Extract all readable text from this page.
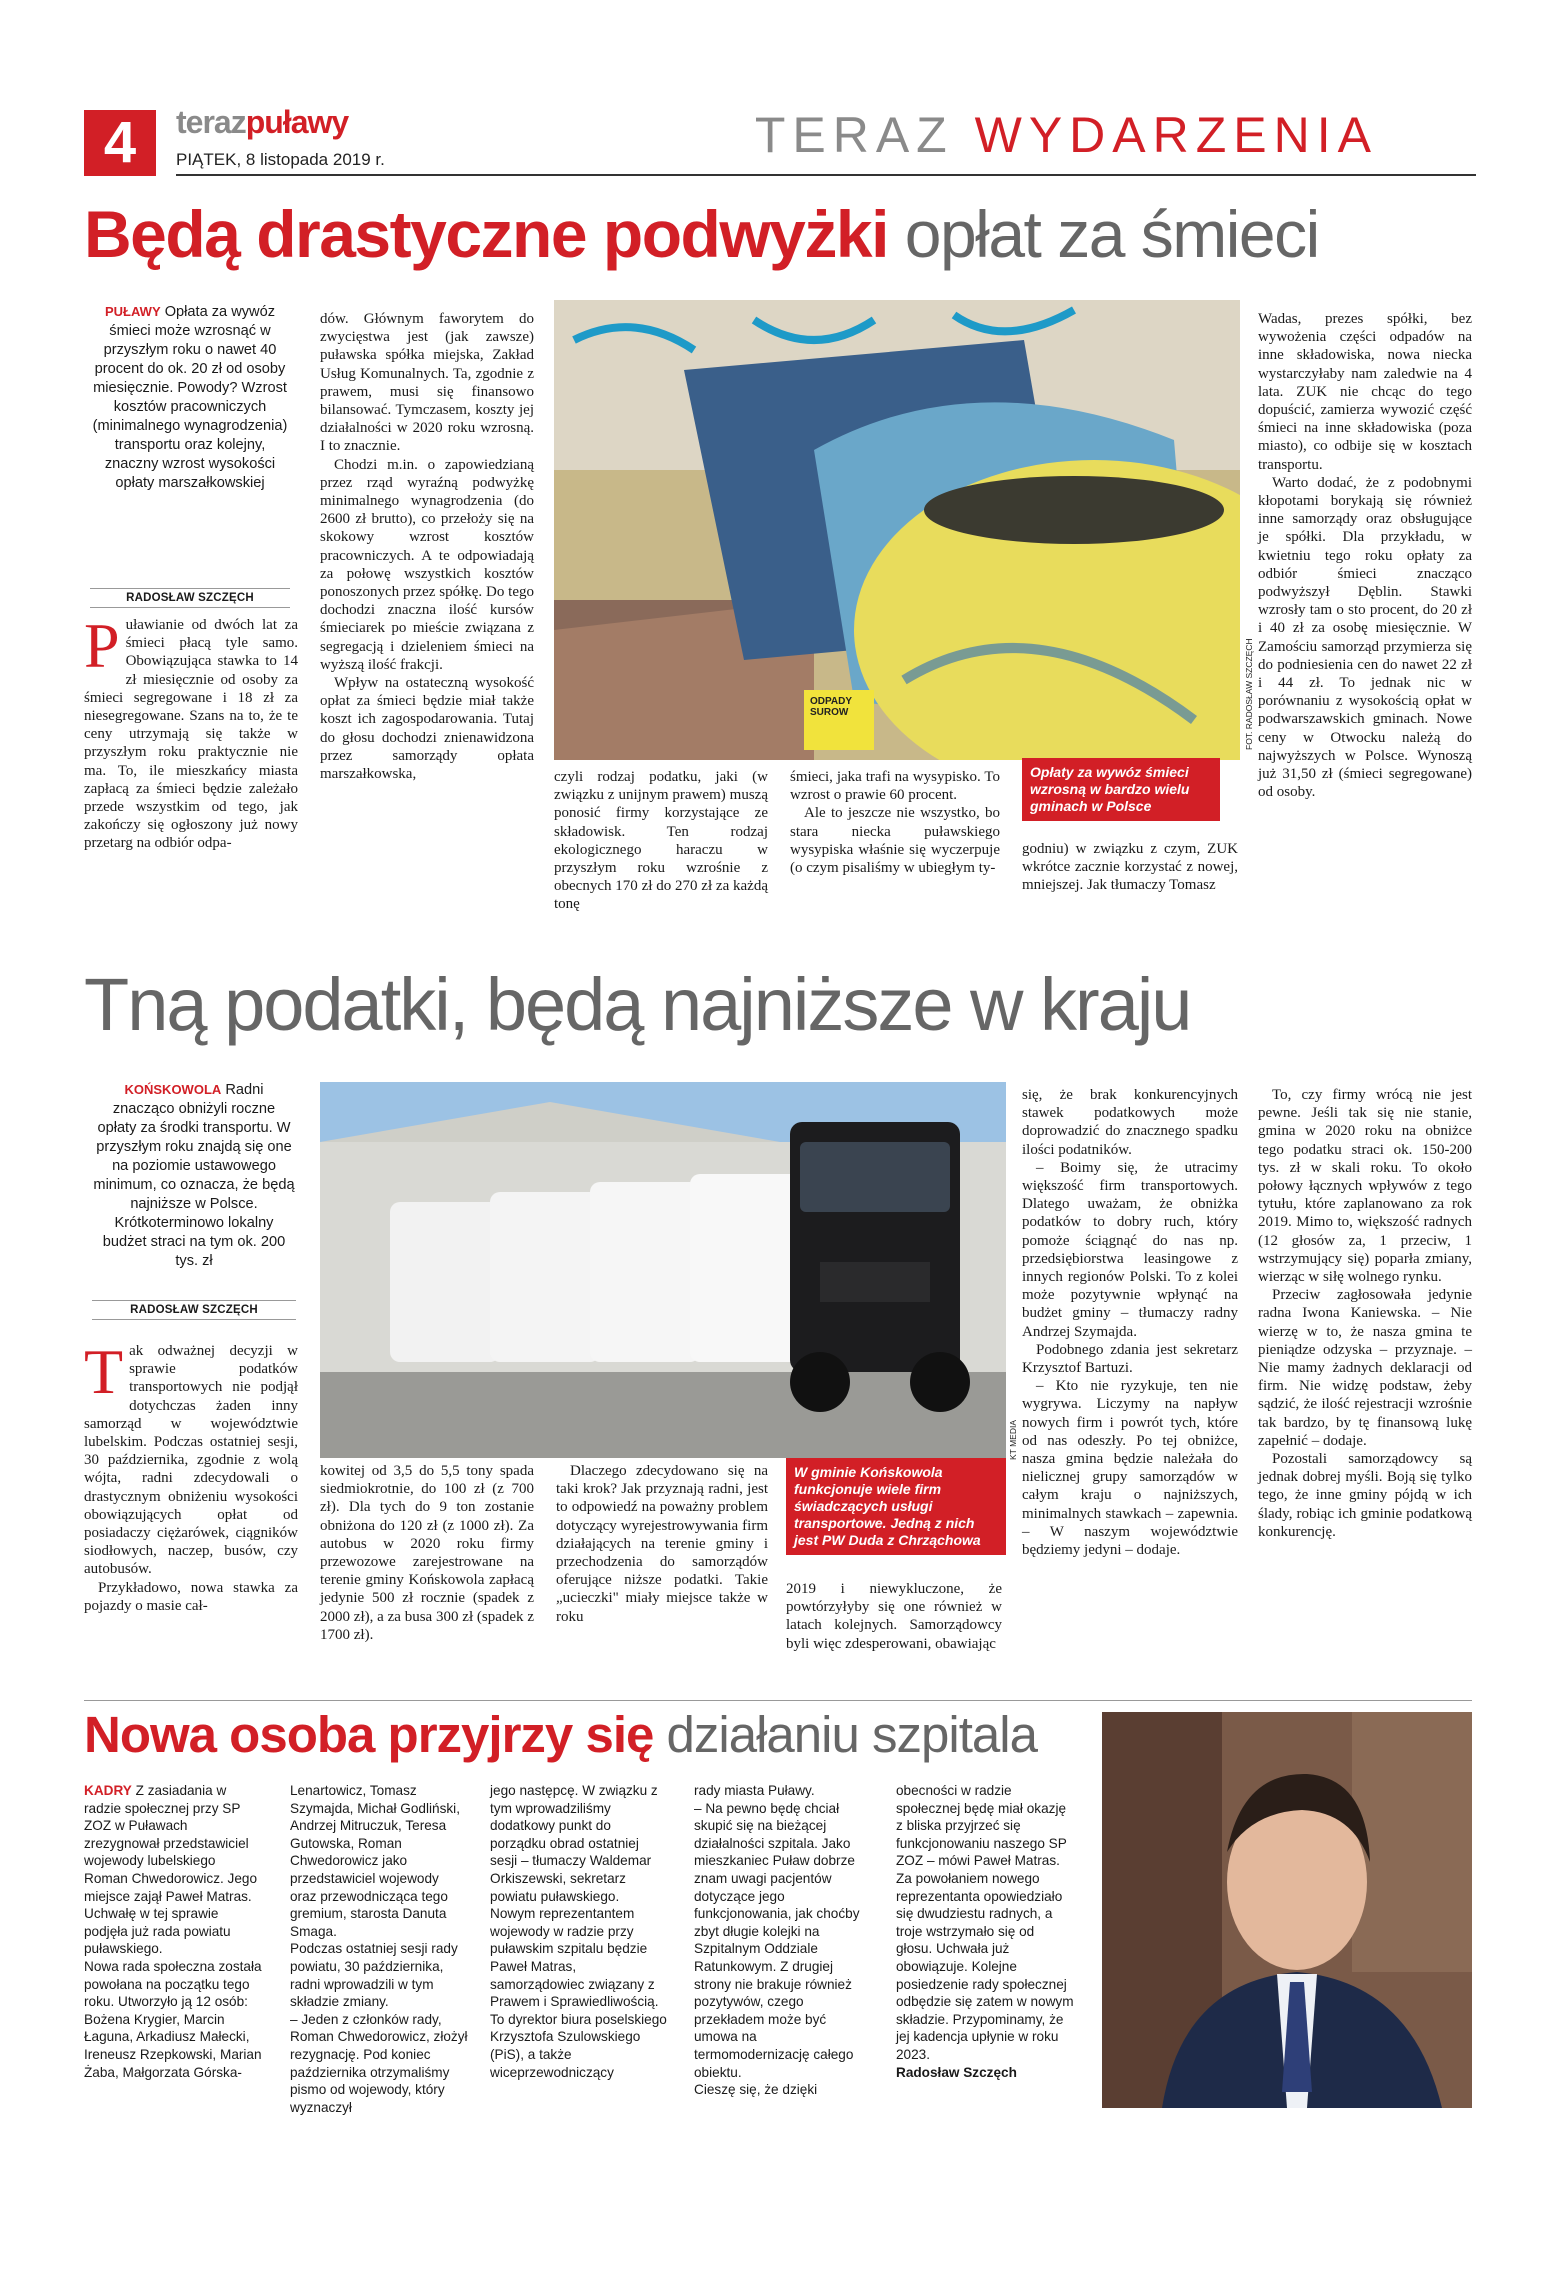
4	terazpuławy
PIĄTEK, 8 listopada 2019 r.	TERAZ WYDARZENIA
Będą drastyczne podwyżki opłat za śmieci
PUŁAWY Opłata za wywóz śmieci może wzrosnąć w przyszłym roku o nawet 40 procent do ok. 20 zł od osoby miesięcznie. Powody? Wzrost kosztów pracowniczych (minimalnego wynagrodzenia) transportu oraz kolejny, znaczny wzrost wysokości opłaty marszałkowskiej
RADOSŁAW SZCZĘCH
Puławianie od dwóch lat za śmieci płacą tyle samo. Obowiązująca stawka to 14 zł miesięcznie od osoby za śmieci segregowane i 18 zł za niesegregowane. Szans na to, że te ceny utrzymają się także w przyszłym roku praktycznie nie ma. To, ile mieszkańcy miasta zapłacą za śmieci będzie zależało przede wszystkim od tego, jak zakończy się ogłoszony już nowy przetarg na odbiór odpa-

dów. Głównym faworytem do zwycięstwa jest (jak zawsze) puławska spółka miejska, Zakład Usług Komunalnych. Ta, zgodnie z prawem, musi się finansowo bilansować. Tymczasem, koszty jej działalności w 2020 roku wzrosną. I to znacznie.

Chodzi m.in. o zapowiedzianą przez rząd wyraźną podwyżkę minimalnego wynagrodzenia (do 2600 zł brutto), co przełoży się na skokowy wzrost kosztów pracowniczych. A te odpowiadają za połowę wszystkich kosztów ponoszonych przez spółkę. Do tego dochodzi znaczna ilość kursów śmieciarek po mieście związana z segregacją i dzieleniem śmieci na wyższą ilość frakcji.

Wpływ na ostateczną wysokość opłat za śmieci będzie miał także koszt ich zagospodarowania. Tutaj do głosu dochodzi znienawidzona przez samorządy opłata marszałkowska,

ODPADY SUROW	FOT. RADOSŁAW SZCZĘCH
Opłaty za wywóz śmieci wzrosną w bardzo wielu gminach w Polsce
czyli rodzaj podatku, jaki (w związku z unijnym prawem) muszą ponosić firmy korzystające ze składowisk. Ten rodzaj ekologicznego haraczu w przyszłym roku wzrośnie z obecnych 170 zł do 270 zł za każdą tonę

śmieci, jaka trafi na wysypisko. To wzrost o prawie 60 procent.

Ale to jeszcze nie wszystko, bo stara niecka puławskiego wysypiska właśnie się wyczerpuje (o czym pisaliśmy w ubiegłym ty-

godniu) w związku z czym, ZUK wkrótce zacznie korzystać z nowej, mniejszej. Jak tłumaczy Tomasz

Wadas, prezes spółki, bez wywożenia części odpadów na inne składowiska, nowa niecka wystarczyłaby nam zaledwie na 4 lata. ZUK nie chcąc do tego dopuścić, zamierza wywozić część śmieci na inne składowiska (poza miasto), co odbije się w kosztach transportu.

Warto dodać, że z podobnymi kłopotami borykają się również inne samorządy oraz obsługujące je spółki. Dla przykładu, w kwietniu tego roku opłaty za odbiór śmieci znacząco podwyższył Dęblin. Stawki wzrosły tam o sto procent, do 20 zł i 40 zł za osobę miesięcznie. W Zamościu samorząd przymierza się do podniesienia cen do nawet 22 zł i 44 zł. To jednak nic w porównaniu z wysokością opłat w podwarszawskich gminach. Nowe ceny w Otwocku należą do najwyższych w Polsce. Wynoszą już 31,50 zł (śmieci segregowane) od osoby.

Tną podatki, będą najniższe w kraju
KOŃSKOWOLA Radni znacząco obniżyli roczne opłaty za środki transportu. W przyszłym roku znajdą się one na poziomie ustawowego minimum, co oznacza, że będą najniższe w Polsce. Krótkoterminowo lokalny budżet straci na tym ok. 200 tys. zł
RADOSŁAW SZCZĘCH

Tak odważnej decyzji w sprawie podatków transportowych nie podjął dotychczas żaden inny samorząd w województwie lubelskim. Podczas ostatniej sesji, 30 października, zgodnie z wolą wójta, radni zdecydowali o drastycznym obniżeniu wysokości obowiązujących opłat od posiadaczy ciężarówek, ciągników siodłowych, naczep, busów, czy autobusów.

Przykładowo, nowa stawka za pojazdy o masie cał-

KT MEDIA
W gminie Końskowola funkcjonuje wiele firm świadczących usługi transportowe. Jedną z nich jest PW Duda z Chrząchowa
kowitej od 3,5 do 5,5 tony spada siedmiokrotnie, do 100 zł (z 700 zł). Dla tych do 9 ton zostanie obniżona do 120 zł (z 1000 zł). Za autobus w 2020 roku firmy przewozowe zarejestrowane na terenie gminy Końskowola zapłacą jedynie 500 zł rocznie (spadek z 2000 zł), a za busa 300 zł (spadek z 1700 zł).
Dlaczego zdecydowano się na taki krok? Jak przyznają radni, jest to odpowiedź na poważny problem dotyczący wyrejestrowywania firm działających na terenie gminy i przechodzenia do samorządów oferujące niższe podatki. Takie „ucieczki" miały miejsce także w roku
2019 i niewykluczone, że powtórzyłyby się one również w latach kolejnych. Samorządowcy byli więc zdesperowani, obawiając

się, że brak konkurencyjnych stawek podatkowych może doprowadzić do znacznego spadku ilości podatników.

– Boimy się, że utracimy większość firm transportowych. Dlatego uważam, że obniżka podatków to dobry ruch, który pomoże ściągnąć do nas np. przedsiębiorstwa leasingowe z innych regionów Polski. To z kolei może pozytywnie wpłynąć na budżet gminy – tłumaczy radny Andrzej Szymajda.

Podobnego zdania jest sekretarz Krzysztof Bartuzi.

– Kto nie ryzykuje, ten nie wygrywa. Liczymy na napływ nowych firm i powrót tych, które od nas odeszły. Po tej obniżce, nasza gmina będzie należała do nielicznej grupy samorządów w całym kraju o najniższych, minimalnych stawkach – zapewnia. – W naszym województwie będziemy jedyni – dodaje.

To, czy firmy wrócą nie jest pewne. Jeśli tak się nie stanie, gmina w 2020 roku na obniżce tego podatku straci ok. 150-200 tys. zł w skali roku. To około połowy łącznych wpływów z tego tytułu, które zaplanowano za rok 2019. Mimo to, większość radnych (12 głosów za, 1 przeciw, 1 wstrzymujący się) poparła zmiany, wierząc w siłę wolnego rynku.

Przeciw zagłosowała jedynie radna Iwona Kaniewska. – Nie wierzę w to, że nasza gmina te pieniądze odzyska – przyznaje. – Nie mamy żadnych deklaracji od firm. Nie widzę podstaw, żeby sądzić, że ilość rejestracji wzrośnie tak bardzo, by tę finansową lukę zapełnić – dodaje.

Pozostali samorządowcy są jednak dobrej myśli. Boją się tylko tego, że inne gminy pójdą w ich ślady, robiąc ich gminie podatkową konkurencję.

Nowa osoba przyjrzy się działaniu szpitala

KADRY Z zasiadania w radzie społecznej przy SP ZOZ w Puławach zrezygnował przedstawiciel wojewody lubelskiego Roman Chwedorowicz. Jego miejsce zajął Paweł Matras. Uchwałę w tej sprawie podjęła już rada powiatu puławskiego.

Nowa rada społeczna została powołana na początku tego roku. Utworzyło ją 12 osób: Bożena Krygier, Marcin Łaguna, Arkadiusz Małecki, Ireneusz Rzepkowski, Marian Żaba, Małgorzata Górska-

Lenartowicz, Tomasz Szymajda, Michał Godliński, Andrzej Mitruczuk, Teresa Gutowska, Roman Chwedorowicz jako przedstawiciel wojewody oraz przewodnicząca tego gremium, starosta Danuta Smaga.

Podczas ostatniej sesji rady powiatu, 30 października, radni wprowadzili w tym składzie zmiany.

– Jeden z członków rady, Roman Chwedorowicz, złożył rezygnację. Pod koniec października otrzymaliśmy pismo od wojewody, który wyznaczył

jego następcę. W związku z tym wprowadziliśmy dodatkowy punkt do porządku obrad ostatniej sesji – tłumaczy Waldemar Orkiszewski, sekretarz powiatu puławskiego.

Nowym reprezentantem wojewody w radzie przy puławskim szpitalu będzie Paweł Matras, samorządowiec związany z Prawem i Sprawiedliwością. To dyrektor biura poselskiego Krzysztofa Szulowskiego (PiS), a także wiceprzewodniczący

rady miasta Puławy.

– Na pewno będę chciał skupić się na bieżącej działalności szpitala. Jako mieszkaniec Puław dobrze znam uwagi pacjentów dotyczące jego funkcjonowania, jak choćby zbyt długie kolejki na Szpitalnym Oddziale Ratunkowym. Z drugiej strony nie brakuje również pozytywów, czego przekładem może być umowa na termomodernizację całego obiektu.

Cieszę się, że dzięki

obecności w radzie społecznej będę miał okazję z bliska przyjrzeć się funkcjonowaniu naszego SP ZOZ – mówi Paweł Matras.

Za powołaniem nowego reprezentanta opowiedziało się dwudziestu radnych, a troje wstrzymało się od głosu. Uchwała już obowiązuje. Kolejne posiedzenie rady społecznej odbędzie się zatem w nowym składzie. Przypominamy, że jej kadencja upłynie w roku 2023.

Radosław Szczęch
